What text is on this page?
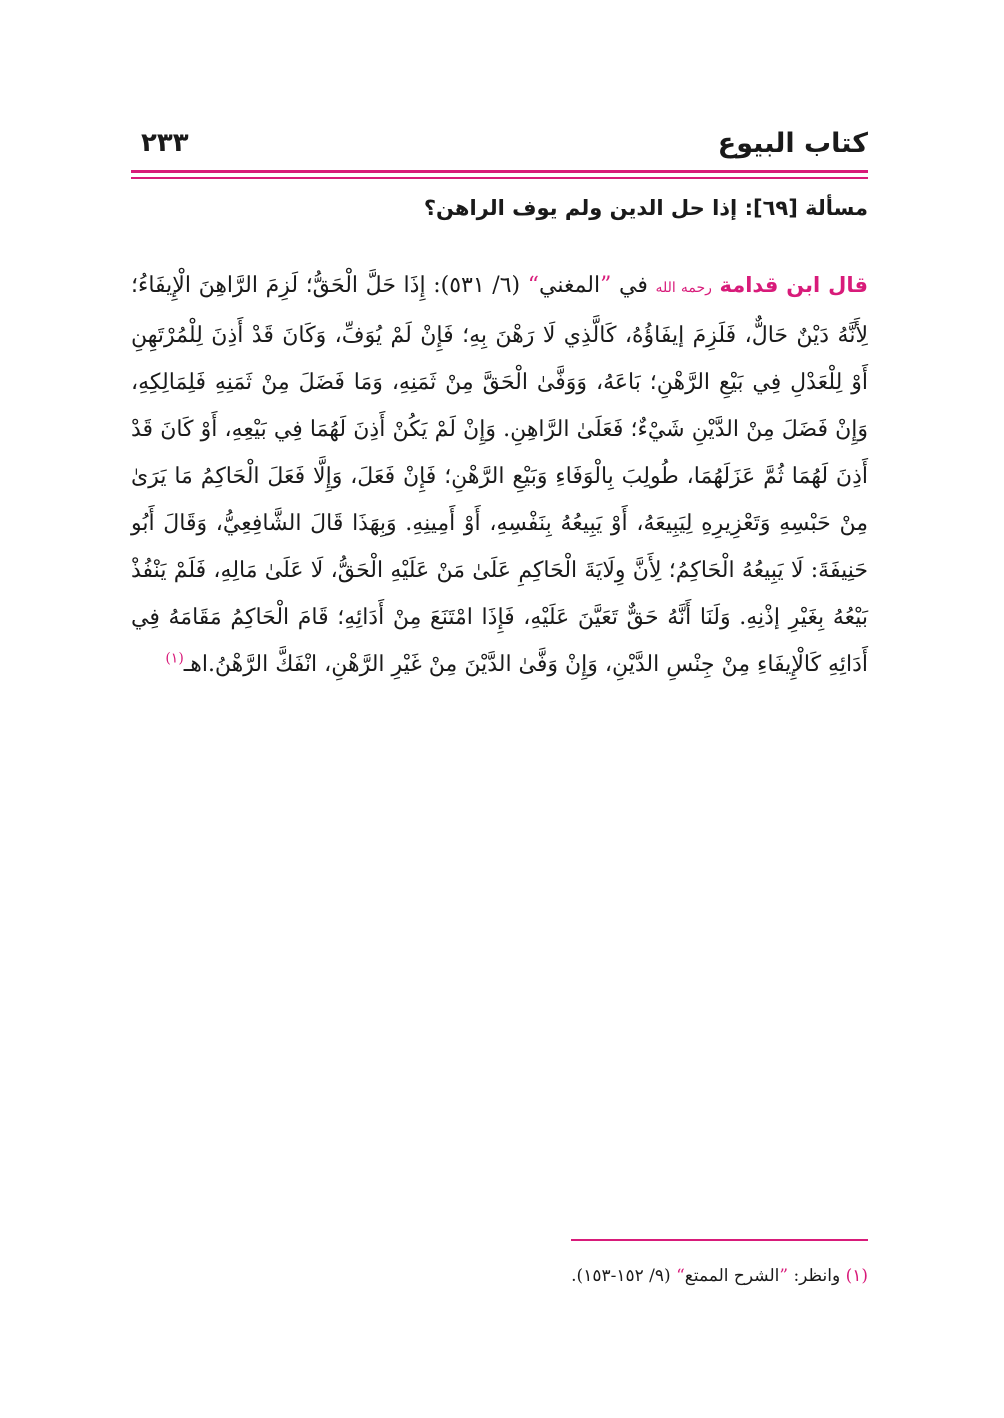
كتاب البيوع
٢٣٣
مسألة [٦٩]: إذا حل الدين ولم يوف الراهن؟
قال ابن قدامة رحمه الله في ”المغني“ (٦/ ٥٣١): إِذَا حَلَّ الْحَقُّ؛ لَزِمَ الرَّاهِنَ الْإِيفَاءُ؛ لِأَنَّهُ دَيْنٌ حَالٌّ، فَلَزِمَ إيفَاؤُهُ، كَالَّذِي لَا رَهْنَ بِهِ؛ فَإِنْ لَمْ يُوَفِّ، وَكَانَ قَدْ أَذِنَ لِلْمُرْتَهِنِ أَوْ لِلْعَدْلِ فِي بَيْعِ الرَّهْنِ؛ بَاعَهُ، وَوَفَّىٰ الْحَقَّ مِنْ ثَمَنِهِ، وَمَا فَضَلَ مِنْ ثَمَنِهِ فَلِمَالِكِهِ، وَإِنْ فَضَلَ مِنْ الدَّيْنِ شَيْءٌ؛ فَعَلَىٰ الرَّاهِنِ. وَإِنْ لَمْ يَكُنْ أَذِنَ لَهُمَا فِي بَيْعِهِ، أَوْ كَانَ قَدْ أَذِنَ لَهُمَا ثُمَّ عَزَلَهُمَا، طُولِبَ بِالْوَفَاءِ وَبَيْعِ الرَّهْنِ؛ فَإِنْ فَعَلَ، وَإِلَّا فَعَلَ الْحَاكِمُ مَا يَرَىٰ مِنْ حَبْسِهِ وَتَعْزِيرِهِ لِيَبِيعَهُ، أَوْ يَبِيعُهُ بِنَفْسِهِ، أَوْ أَمِينِهِ. وَبِهَذَا قَالَ الشَّافِعِيُّ، وَقَالَ أَبُو حَنِيفَةَ: لَا يَبِيعُهُ الْحَاكِمُ؛ لِأَنَّ وِلَايَةَ الْحَاكِمِ عَلَىٰ مَنْ عَلَيْهِ الْحَقُّ، لَا عَلَىٰ مَالِهِ، فَلَمْ يَنْفُذْ بَيْعُهُ بِغَيْرِ إذْنِهِ. وَلَنَا أَنَّهُ حَقٌّ تَعَيَّنَ عَلَيْهِ، فَإِذَا امْتَنَعَ مِنْ أَدَائِهِ؛ قَامَ الْحَاكِمُ مَقَامَهُ فِي أَدَائِهِ كَالْإِيفَاءِ مِنْ جِنْسِ الدَّيْنِ، وَإِنْ وَفَّىٰ الدَّيْنَ مِنْ غَيْرِ الرَّهْنِ، انْفَكَّ الرَّهْنُ.اهـ$^{(١)}$
(١) وانظر: ”الشرح الممتع“ (٩/ ١٥٢-١٥٣).
